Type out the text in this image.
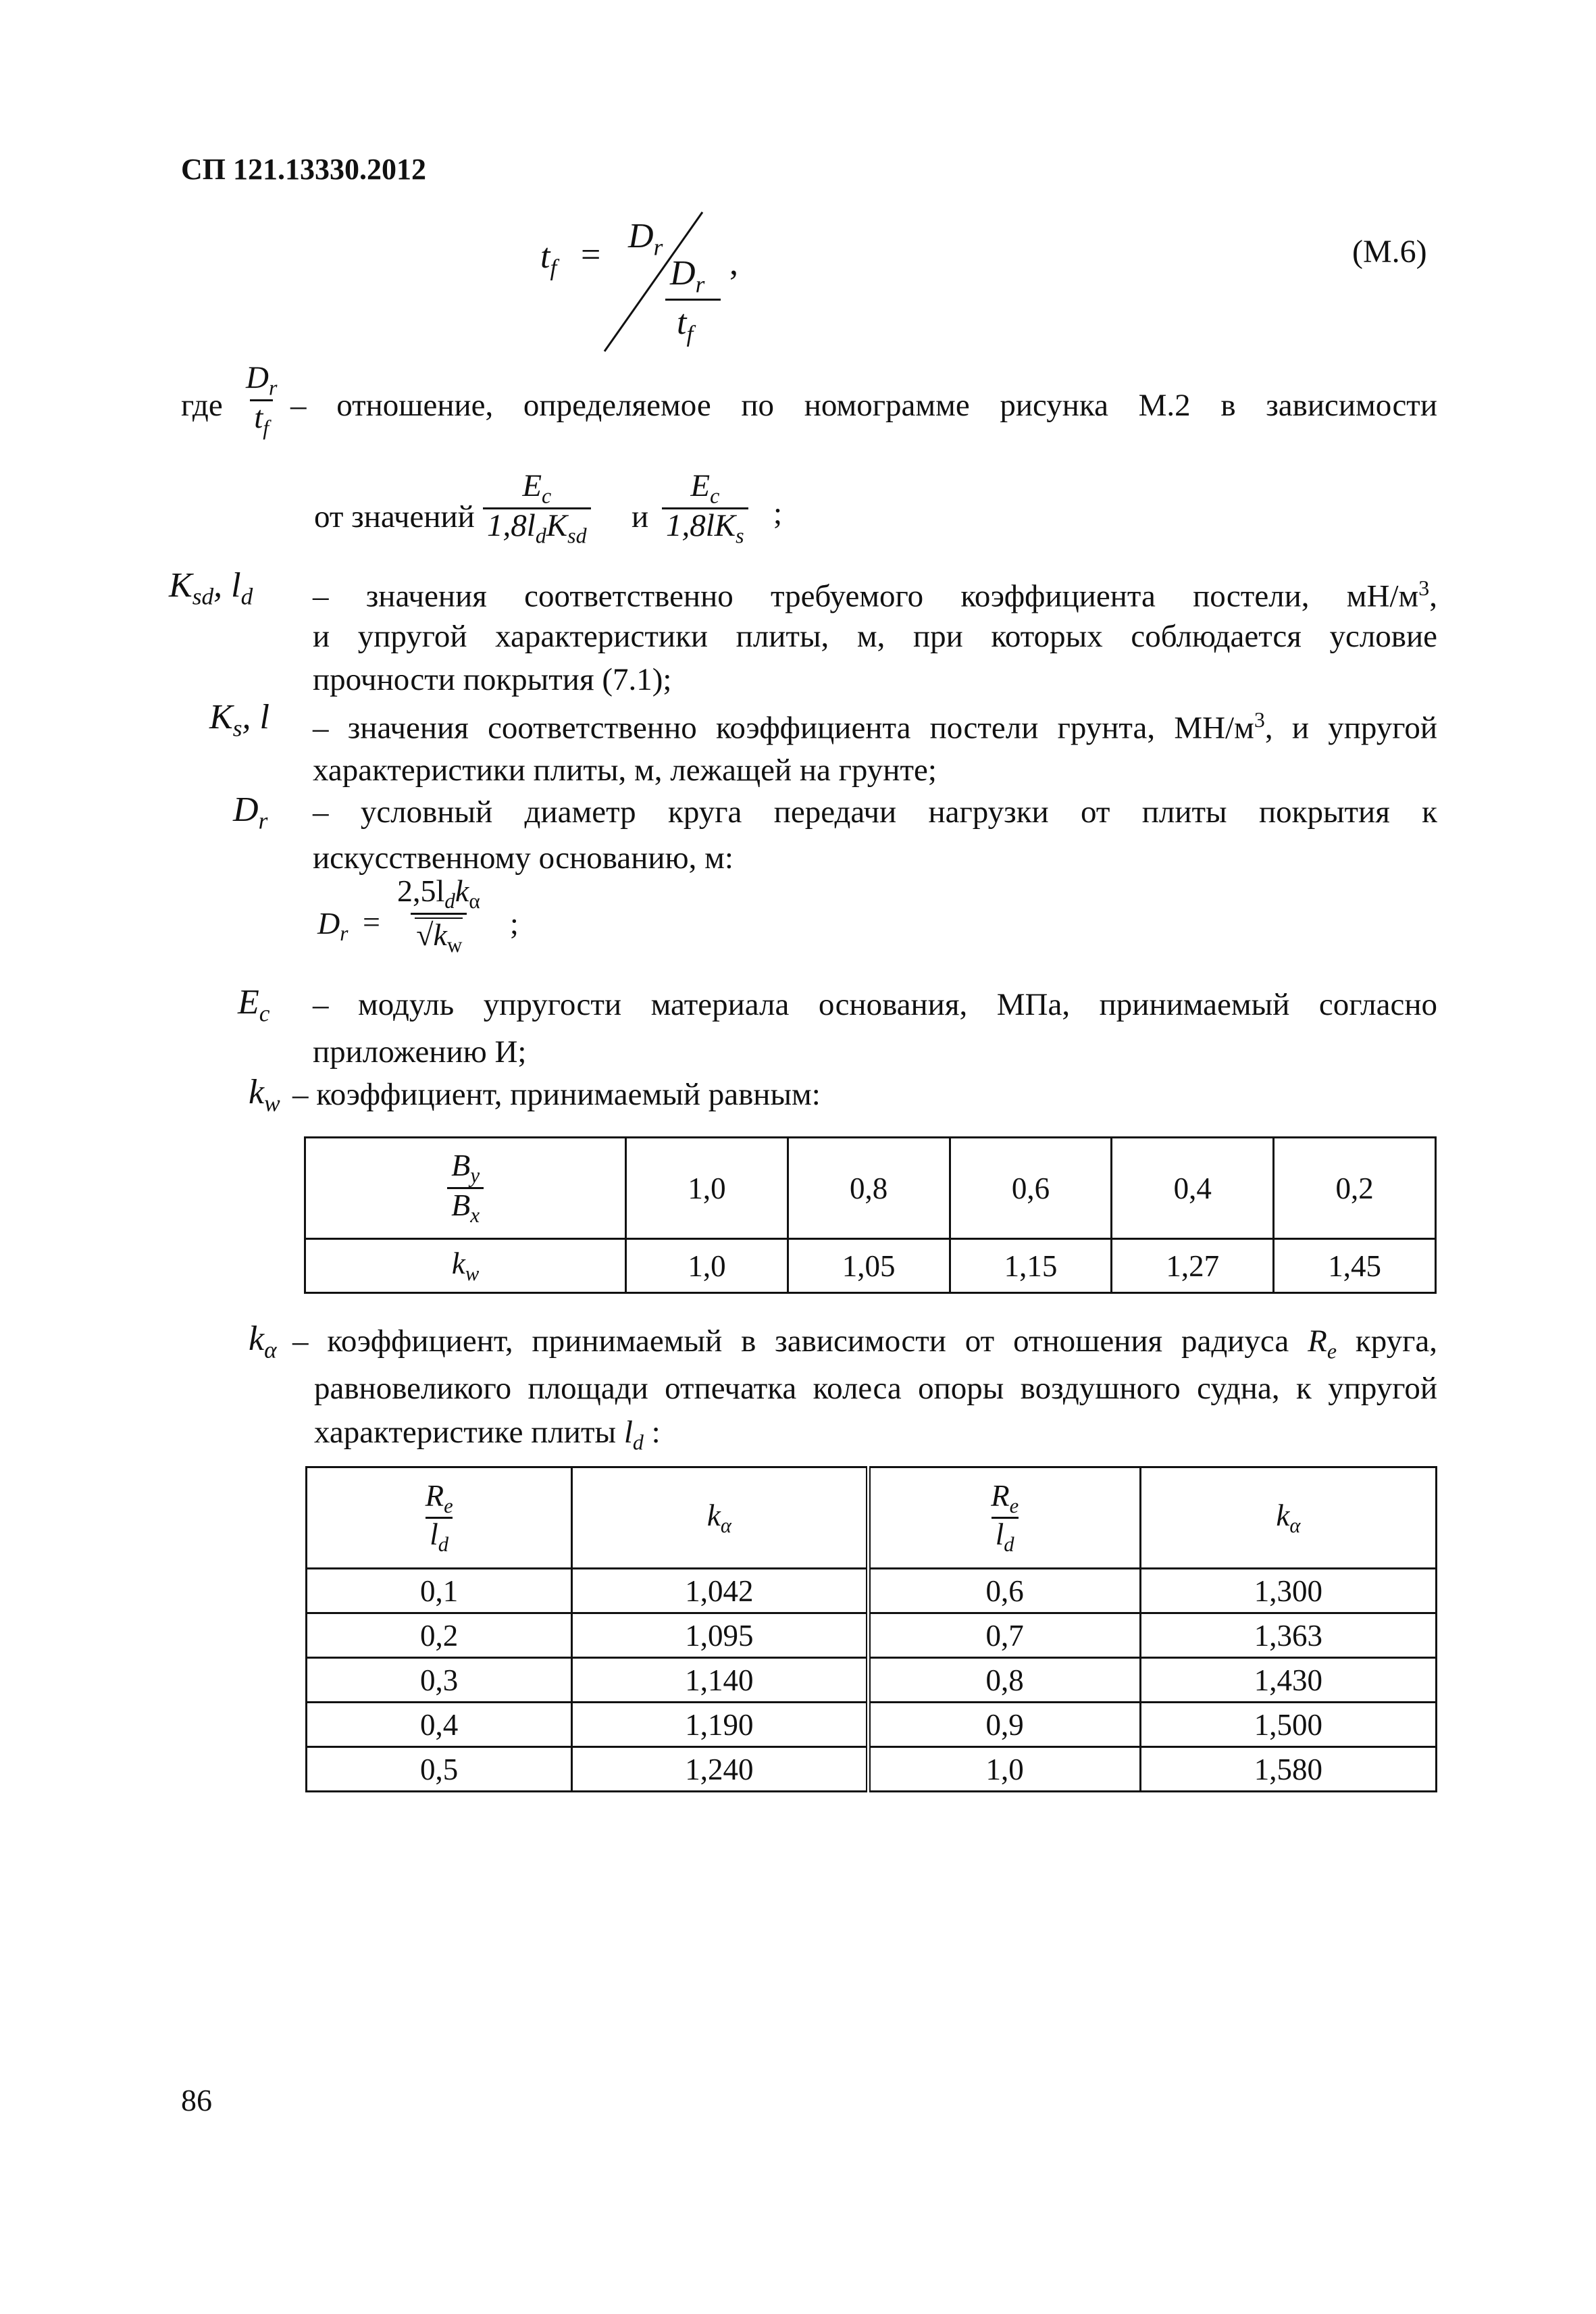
СП 121.13330.2012
$t_f = D_r$
$D_r$
$t_f$
,	(М.6)
где $\frac{D_r}{t_f}$ – отношение, определяемое по номограмме рисунка М.2 в зависимости
от значений $\frac{E_c}{1,8l_dK_{sd}}$ и $\frac{E_c}{1,8lK_s}$ ;
$K_{sd}$, $l_d$ – значения соответственно требуемого коэффициента постели, $мН/м^3$,
и упругой характеристики плиты, м, при которых соблюдается условие
прочности покрытия (7.1);
$K_s$, l – значения соответственно коэффициента постели грунта, $МН/м^3$, и упругой
характеристики плиты, м, лежащей на грунте;
$D_r$ – условный диаметр круга передачи нагрузки от плиты покрытия к
искусственному основанию, м:
$D_r = \frac{2,5l_dk_\alpha}{√k_w}$ ;
$E_c$ – модуль упругости материала основания, МПа, принимаемый согласно
приложению И;
$k_w$ – коэффициент, принимаемый равным:
$\frac{B_y}{B_x}$	1,0	0,8	0,6	0,4	0,2
$k_w$	1,0	1,05	1,15	1,27	1,45
$k_\alpha$ – коэффициент, принимаемый в зависимости от отношения радиуса $R_e$ круга,
равновеликого площади отпечатка колеса опоры воздушного судна, к упругой
характеристике плиты $l_d$ :
$\frac{R_e}{l_d}$	$k_\alpha$	$\frac{R_e}{l_d}$	$k_\alpha$
0,1	1,042	0,6	1,300
0,2	1,095	0,7	1,363
0,3	1,140	0,8	1,430
0,4	1,190	0,9	1,500
0,5	1,240	1,0	1,580
86
